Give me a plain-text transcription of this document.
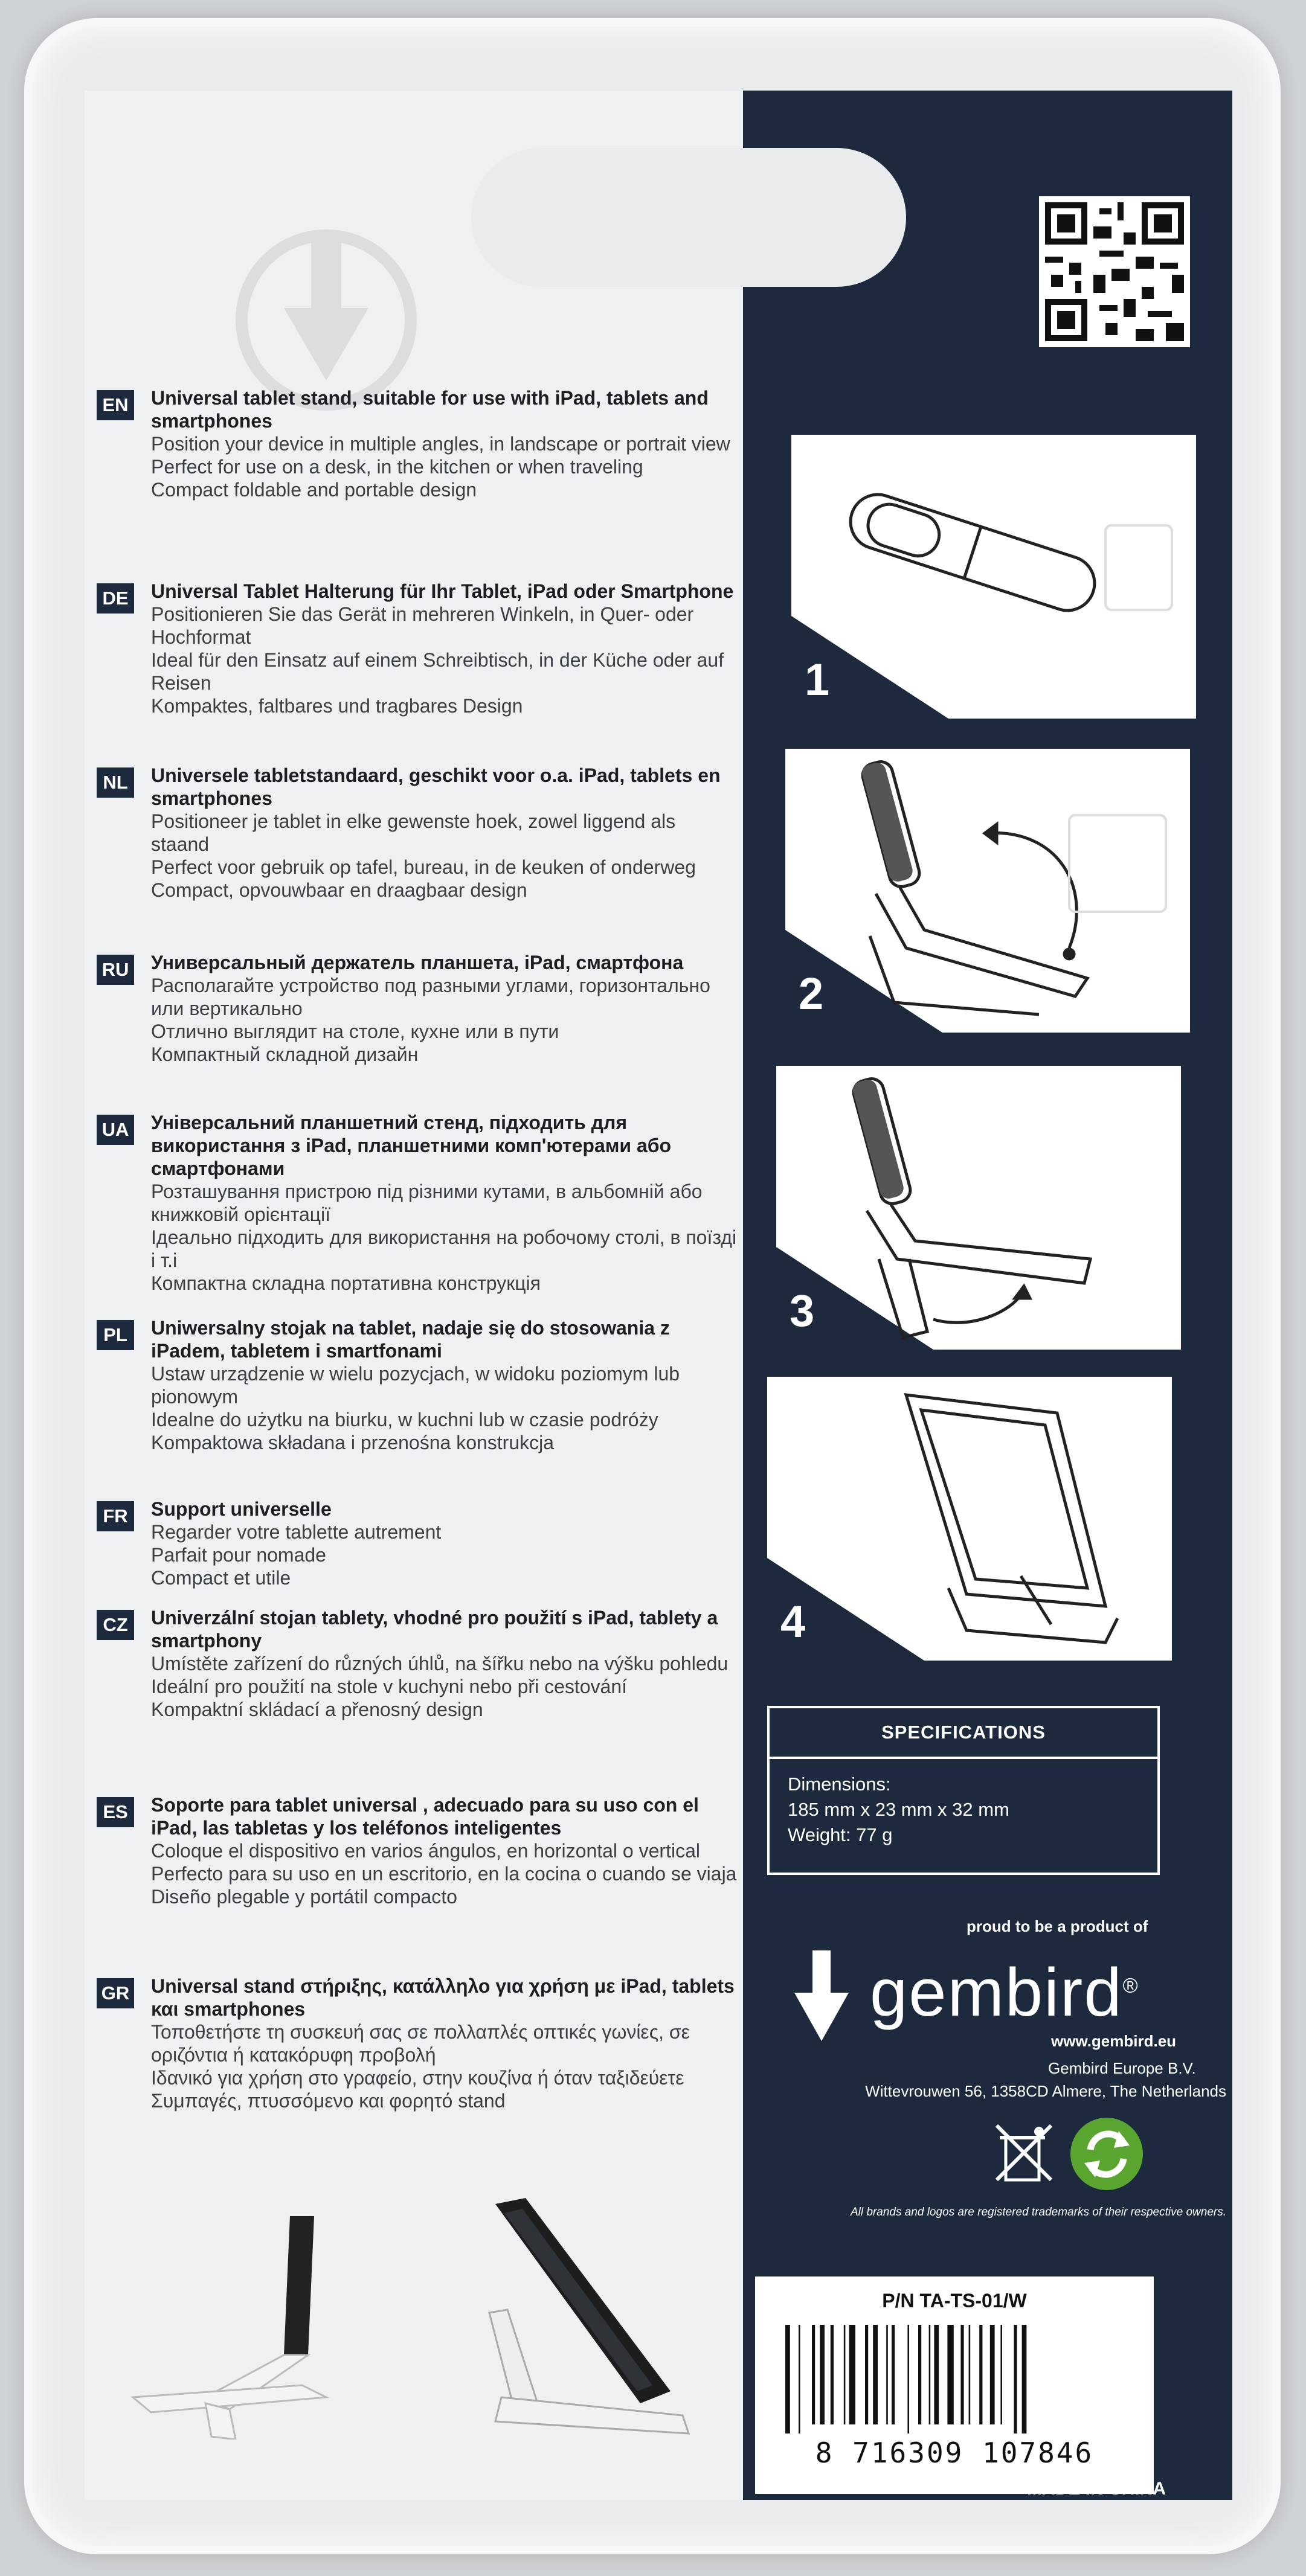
EN Universal tablet stand, suitable for use with iPad, tablets and smartphones
Position your device in multiple angles, in landscape or portrait view
Perfect for use on a desk, in the kitchen or when traveling
Compact foldable and portable design
DE Universal Tablet Halterung für Ihr Tablet, iPad oder Smartphone
Positionieren Sie das Gerät in mehreren Winkeln, in Quer- oder Hochformat
Ideal für den Einsatz auf einem Schreibtisch, in der Küche oder auf Reisen
Kompaktes, faltbares und tragbares Design
NL	Universele tabletstandaard, geschikt voor o.a. iPad, tablets en smartphones
Positioneer je tablet in elke gewenste hoek, zowel liggend als staand
Perfect voor gebruik op tafel, bureau, in de keuken of onderweg
Compact, opvouwbaar en draagbaar design
RU Универсальный держатель планшета, iPad, смартфона
Располагайте устройство под разными углами, горизонтально или вертикально
Отлично выглядит на столе, кухне или в пути
Компактный складной дизайн
UA Універсальний планшетний стенд, підходить для використання з iPad, планшетними комп'ютерами або смартфонами
Розташування пристрою під різними кутами, в альбомній або книжковій орієнтації
Ідеально підходить для використання на робочому столі, в поїзді і т.і
Компактна складна портативна конструкція
PL	Uniwersalny stojak na tablet, nadaje się do stosowania z iPadem, tabletem i smartfonami
Ustaw urządzenie w wielu pozycjach, w widoku poziomym lub pionowym
Idealne do użytku na biurku, w kuchni lub w czasie podróży
Kompaktowa składana i przenośna konstrukcja
FR	Support universelle
Regarder votre tablette autrement
Parfait pour nomade
Compact et utile
CZ	Univerzální stojan tablety, vhodné pro použití s iPad, tablety a smartphony
Umístěte zařízení do různých úhlů, na šířku nebo na výšku pohledu
Ideální pro použití na stole v kuchyni nebo při cestování
Kompaktní skládací a přenosný design
ES	Soporte para tablet universal , adecuado para su uso con el iPad, las tabletas y los teléfonos inteligentes
Coloque el dispositivo en varios ángulos, en horizontal o vertical
Perfecto para su uso en un escritorio, en la cocina o cuando se viaja
Diseño plegable y portátil compacto
GR Universal stand στήριξης, κατάλληλο για χρήση με iPad, tablets και smartphones
Τοποθετήστε τη συσκευή σας σε πολλαπλές οπτικές γωνίες, σε οριζόντια ή κατακόρυφη προβολή
Ιδανικό για χρήση στο γραφείο, στην κουζίνα ή όταν ταξιδεύετε
Συμπαγές, πτυσσόμενο και φορητό stand
1
2
3
4
SPECIFICATIONS
Dimensions:
185 mm x 23 mm x 32 mm
Weight: 77 g
proud to be a product of
gembird®
www.gembird.eu
Gembird Europe B.V.
Wittevrouwen 56, 1358CD Almere, The Netherlands
All brands and logos are registered trademarks of their respective owners.
P/N TA-TS-01/W
8 716309 107846
MADE IN CHINA
